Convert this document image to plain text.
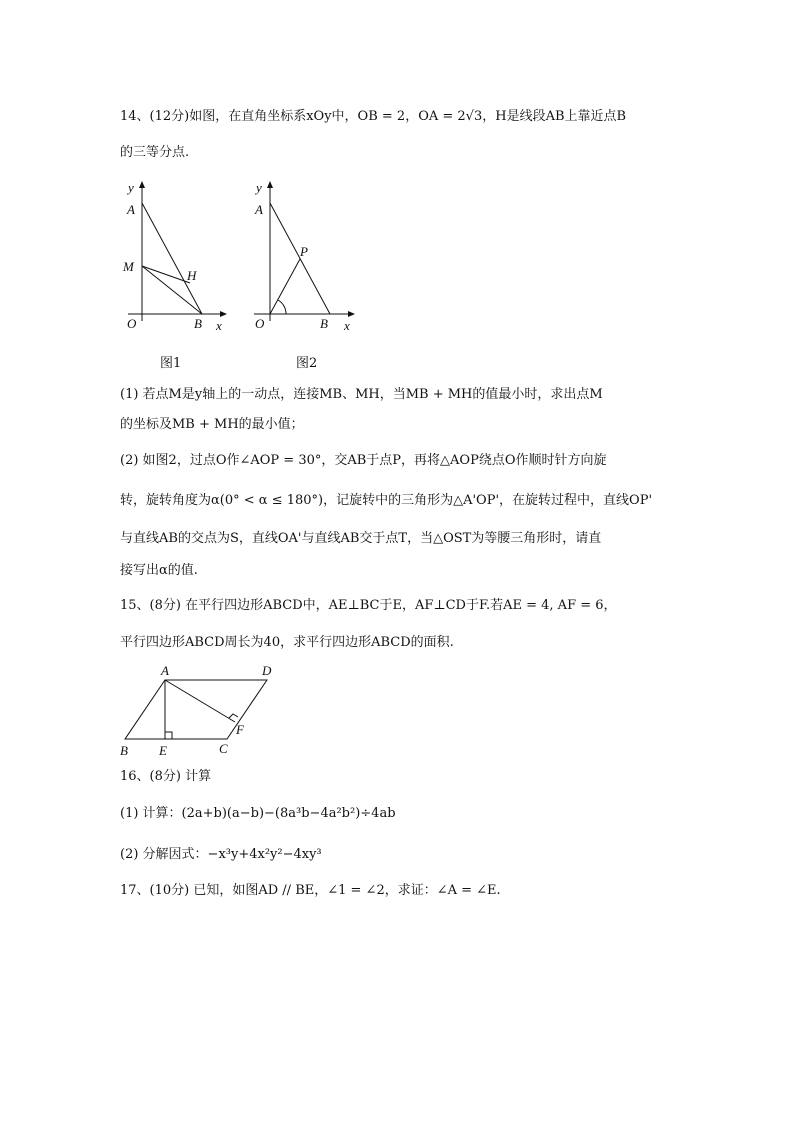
14、(12分)如图，在直角坐标系xOy中，OB = 2，OA = 2√3，H是线段AB上靠近点B
的三等分点.
y
A
M
H
O	B x
图1
y
A
P
O	B x
图2
(1) 若点M是y轴上的一动点，连接MB、MH，当MB + MH的值最小时，求出点M
的坐标及MB + MH的最小值；
(2) 如图2，过点O作∠AOP = 30°，交AB于点P，再将△AOP绕点O作顺时针方向旋
转，旋转角度为α(0° < α ≤ 180°)，记旋转中的三角形为△A'OP'，在旋转过程中，直线OP'
与直线AB的交点为S，直线OA'与直线AB交于点T，当△OST为等腰三角形时，请直
接写出α的值.
15、(8分) 在平行四边形ABCD中，AE⊥BC于E，AF⊥CD于F.若AE = 4, AF = 6，
平行四边形ABCD周长为40，求平行四边形ABCD的面积.
A	D
B E	C
F
16、(8分) 计算
(1) 计算：(2a+b)(a−b)−(8a³b−4a²b²)÷4ab
(2) 分解因式：−x³y+4x²y²−4xy³
17、(10分) 已知，如图AD // BE，∠1 = ∠2，求证：∠A = ∠E.
